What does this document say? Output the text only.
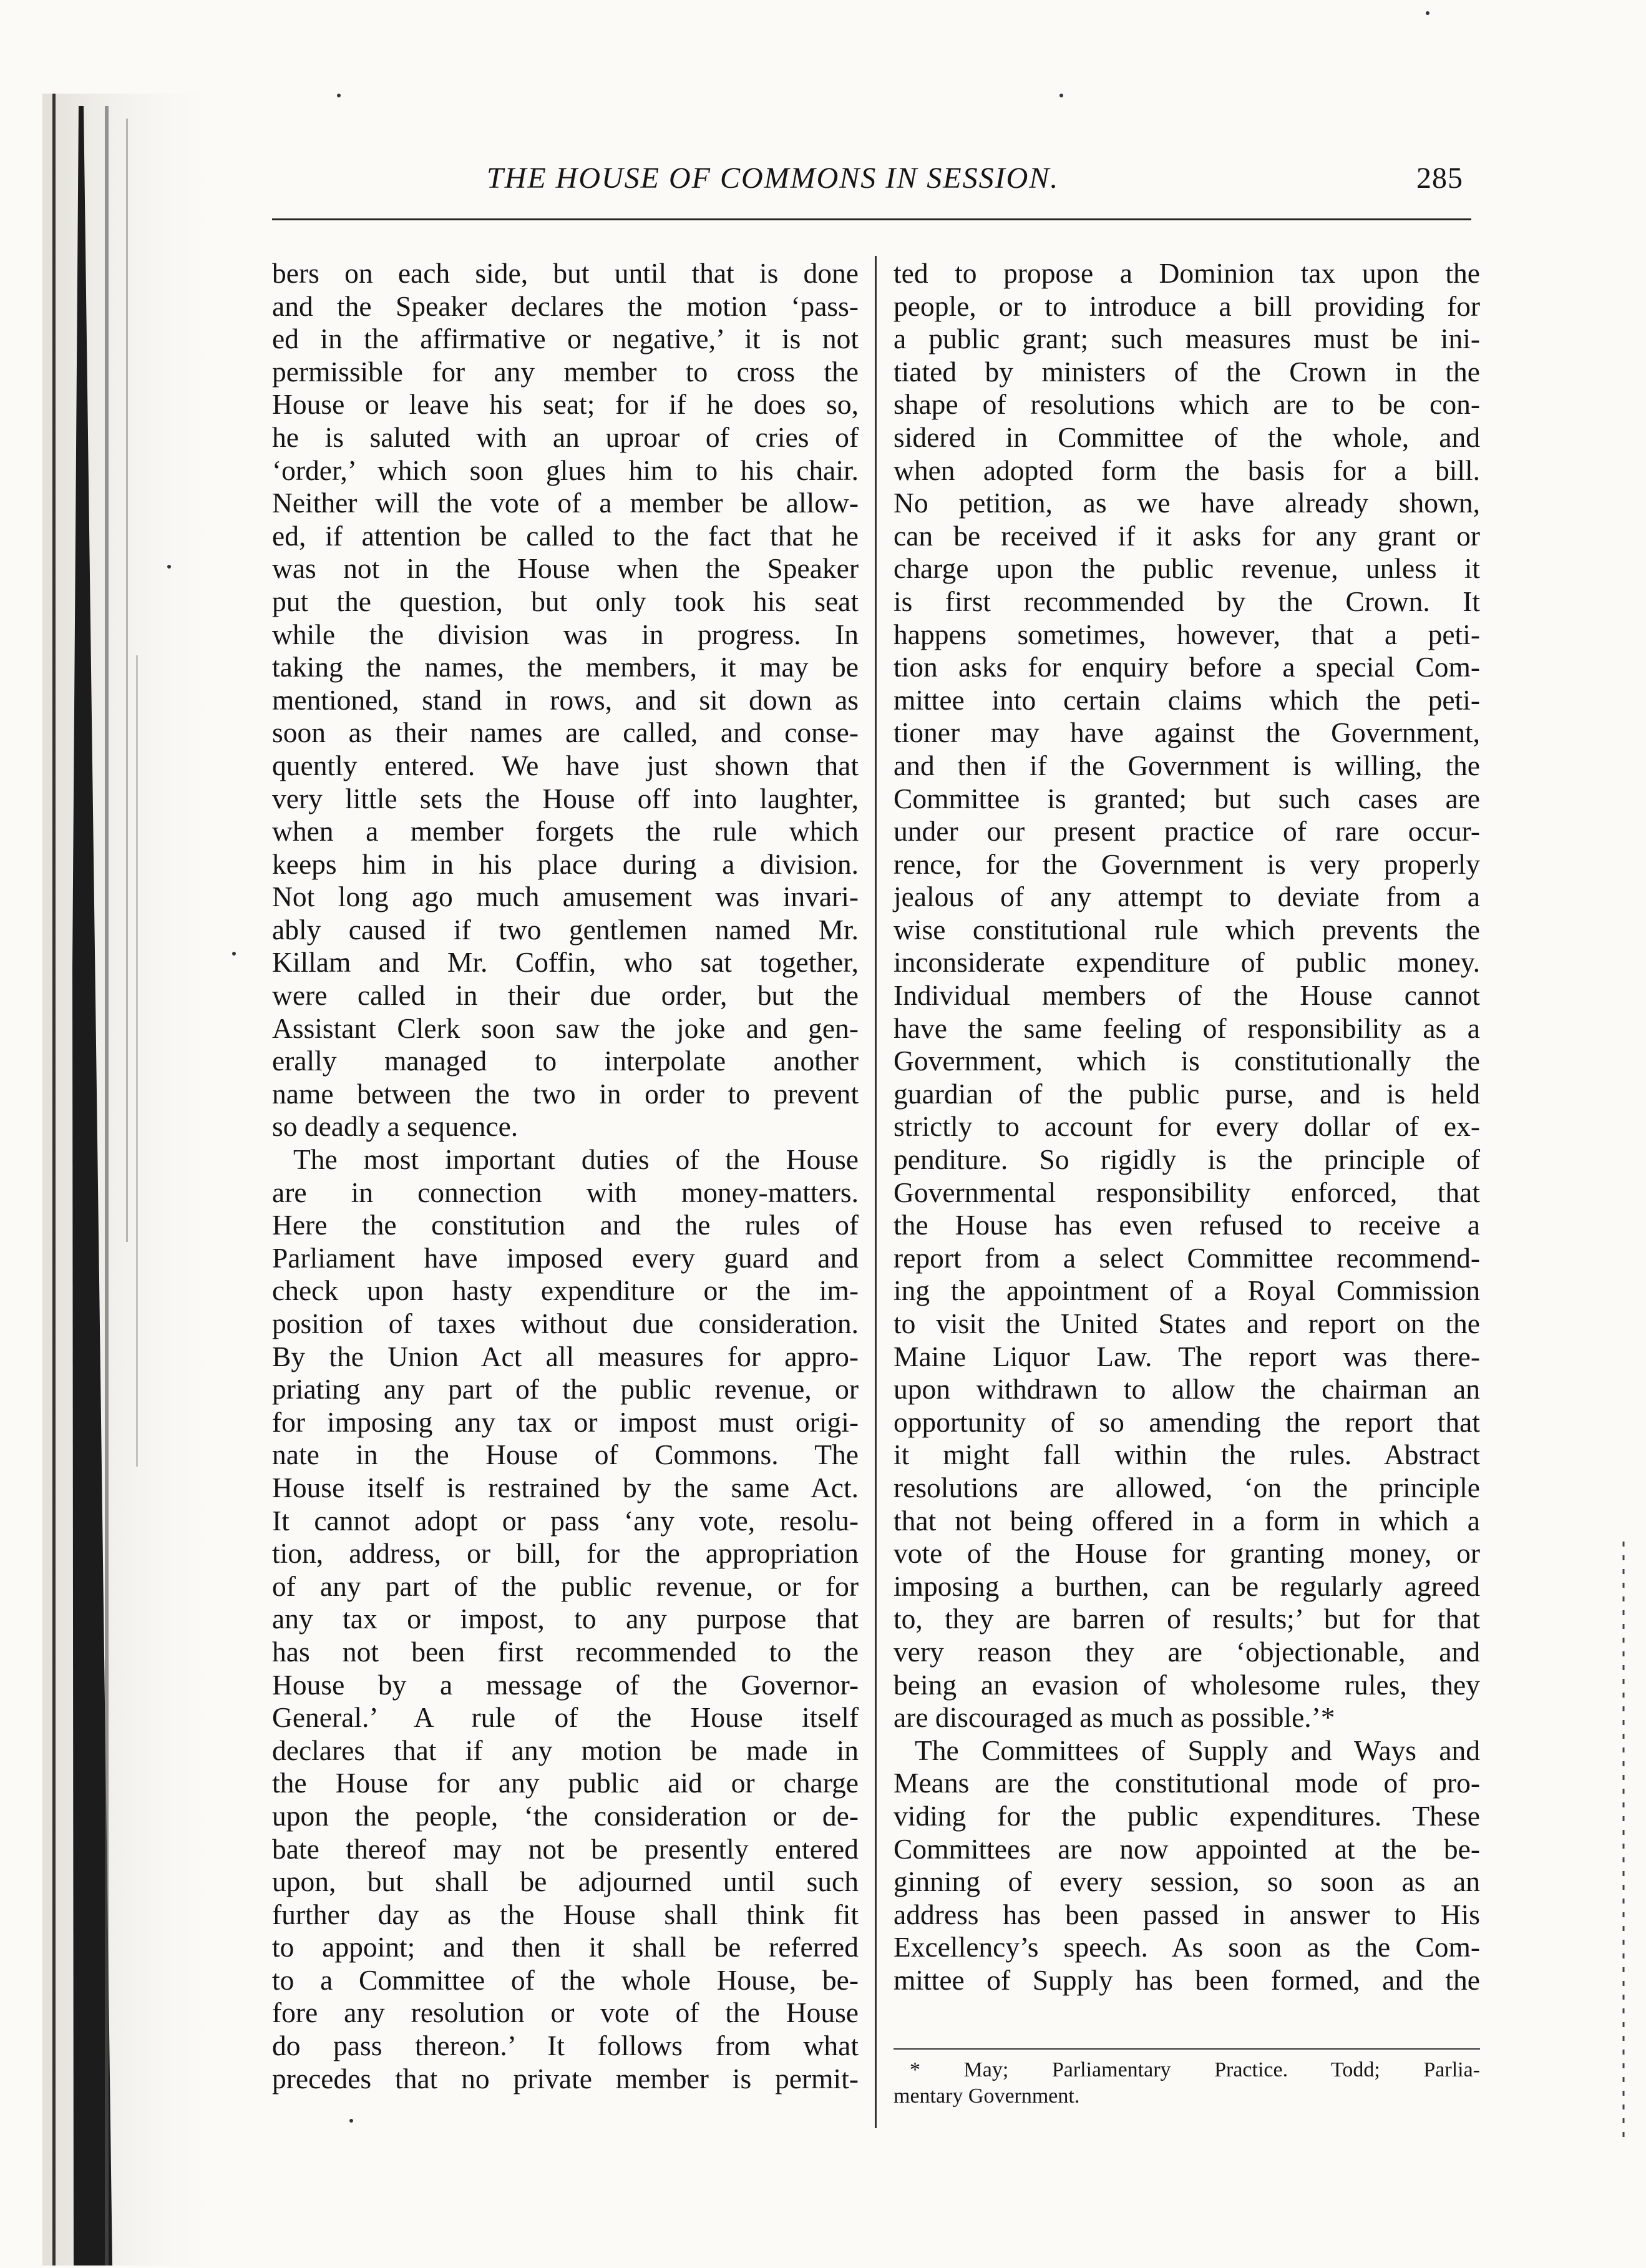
THE HOUSE OF COMMONS IN SESSION.	285
bers on each side, but until that is done
and the Speaker declares the motion ‘pass-
ed in the affirmative or negative,’ it is not
permissible for any member to cross the
House or leave his seat; for if he does so,
he is saluted with an uproar of cries of
‘order,’ which soon glues him to his chair.
Neither will the vote of a member be allow-
ed, if attention be called to the fact that he
was not in the House when the Speaker
put the question, but only took his seat
while the division was in progress. In
taking the names, the members, it may be
mentioned, stand in rows, and sit down as
soon as their names are called, and conse-
quently entered. We have just shown that
very little sets the House off into laughter,
when a member forgets the rule which
keeps him in his place during a division.
Not long ago much amusement was invari-
ably caused if two gentlemen named Mr.
Killam and Mr. Coffin, who sat together,
were called in their due order, but the
Assistant Clerk soon saw the joke and gen-
erally managed to interpolate another
name between the two in order to prevent
so deadly a sequence.
The most important duties of the House
are in connection with money-matters.
Here the constitution and the rules of
Parliament have imposed every guard and
check upon hasty expenditure or the im-
position of taxes without due consideration.
By the Union Act all measures for appro-
priating any part of the public revenue, or
for imposing any tax or impost must origi-
nate in the House of Commons. The
House itself is restrained by the same Act.
It cannot adopt or pass ‘any vote, resolu-
tion, address, or bill, for the appropriation
of any part of the public revenue, or for
any tax or impost, to any purpose that
has not been first recommended to the
House by a message of the Governor-
General.’ A rule of the House itself
declares that if any motion be made in
the House for any public aid or charge
upon the people, ‘the consideration or de-
bate thereof may not be presently entered
upon, but shall be adjourned until such
further day as the House shall think fit
to appoint; and then it shall be referred
to a Committee of the whole House, be-
fore any resolution or vote of the House
do pass thereon.’ It follows from what
precedes that no private member is permit-
ted to propose a Dominion tax upon the
people, or to introduce a bill providing for
a public grant; such measures must be ini-
tiated by ministers of the Crown in the
shape of resolutions which are to be con-
sidered in Committee of the whole, and
when adopted form the basis for a bill.
No petition, as we have already shown,
can be received if it asks for any grant or
charge upon the public revenue, unless it
is first recommended by the Crown. It
happens sometimes, however, that a peti-
tion asks for enquiry before a special Com-
mittee into certain claims which the peti-
tioner may have against the Government,
and then if the Government is willing, the
Committee is granted; but such cases are
under our present practice of rare occur-
rence, for the Government is very properly
jealous of any attempt to deviate from a
wise constitutional rule which prevents the
inconsiderate expenditure of public money.
Individual members of the House cannot
have the same feeling of responsibility as a
Government, which is constitutionally the
guardian of the public purse, and is held
strictly to account for every dollar of ex-
penditure. So rigidly is the principle of
Governmental responsibility enforced, that
the House has even refused to receive a
report from a select Committee recommend-
ing the appointment of a Royal Commission
to visit the United States and report on the
Maine Liquor Law. The report was there-
upon withdrawn to allow the chairman an
opportunity of so amending the report that
it might fall within the rules. Abstract
resolutions are allowed, ‘on the principle
that not being offered in a form in which a
vote of the House for granting money, or
imposing a burthen, can be regularly agreed
to, they are barren of results;’ but for that
very reason they are ‘objectionable, and
being an evasion of wholesome rules, they
are discouraged as much as possible.’*
The Committees of Supply and Ways and
Means are the constitutional mode of pro-
viding for the public expenditures. These
Committees are now appointed at the be-
ginning of every session, so soon as an
address has been passed in answer to His
Excellency’s speech. As soon as the Com-
mittee of Supply has been formed, and the
* May; Parliamentary Practice. Todd; Parlia-
mentary Government.
